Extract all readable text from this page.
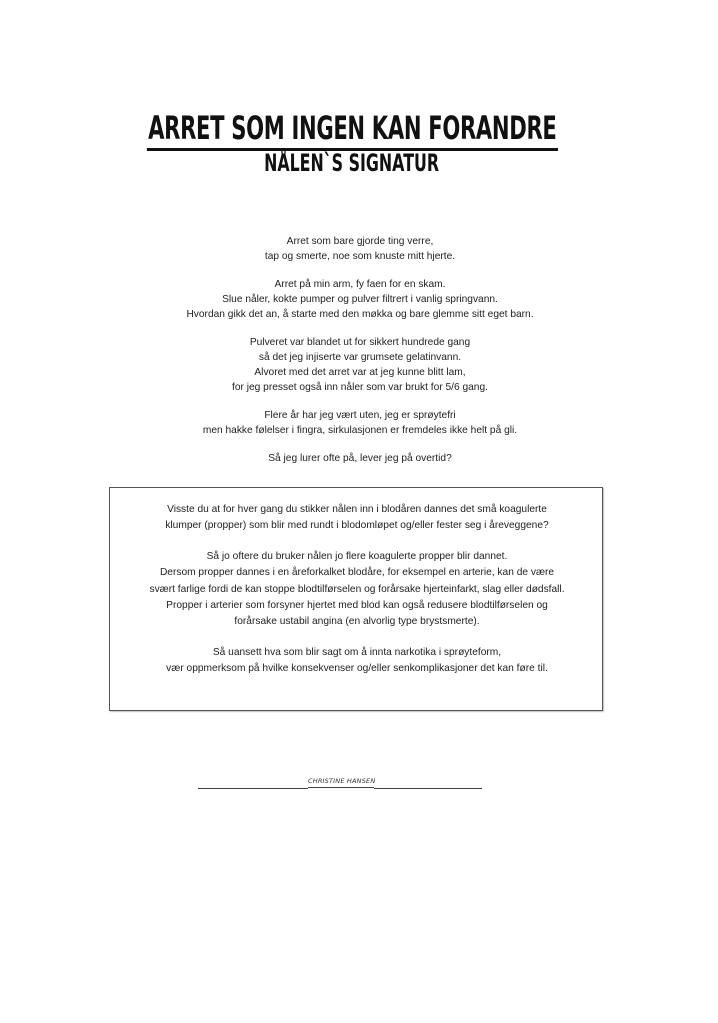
ARRET SOM INGEN KAN FORANDRE
NÅLEN`S SIGNATUR
Arret som bare gjorde ting verre,
tap og smerte, noe som knuste mitt hjerte.
Arret på min arm, fy faen for en skam.
Slue nåler, kokte pumper og pulver filtrert i vanlig springvann.
Hvordan gikk det an, å starte med den møkka og bare glemme sitt eget barn.
Pulveret var blandet ut for sikkert hundrede gang
så det jeg injiserte var grumsete gelatinvann.
Alvoret med det arret var at jeg kunne blitt lam,
for jeg presset også inn nåler som var brukt for 5/6 gang.
Flere år har jeg vært uten, jeg er sprøytefri
men hakke følelser i fingra, sirkulasjonen er fremdeles ikke helt på gli.
Så jeg lurer ofte på, lever jeg på overtid?
Visste du at for hver gang du stikker nålen inn i blodåren dannes det små koagulerte
klumper (propper) som blir med rundt i blodomløpet og/eller fester seg i åreveggene?
Så jo oftere du bruker nålen jo flere koagulerte propper blir dannet.
Dersom propper dannes i en åreforkalket blodåre, for eksempel en arterie, kan de være
svært farlige fordi de kan stoppe blodtilførselen og forårsake hjerteinfarkt, slag eller dødsfall.
Propper i arterier som forsyner hjertet med blod kan også redusere blodtilførselen og
forårsake ustabil angina (en alvorlig type brystsmerte).
Så uansett hva som blir sagt om å innta narkotika i sprøyteform,
vær oppmerksom på hvilke konsekvenser og/eller senkomplikasjoner det kan føre til.
CHRISTINE HANSEN
